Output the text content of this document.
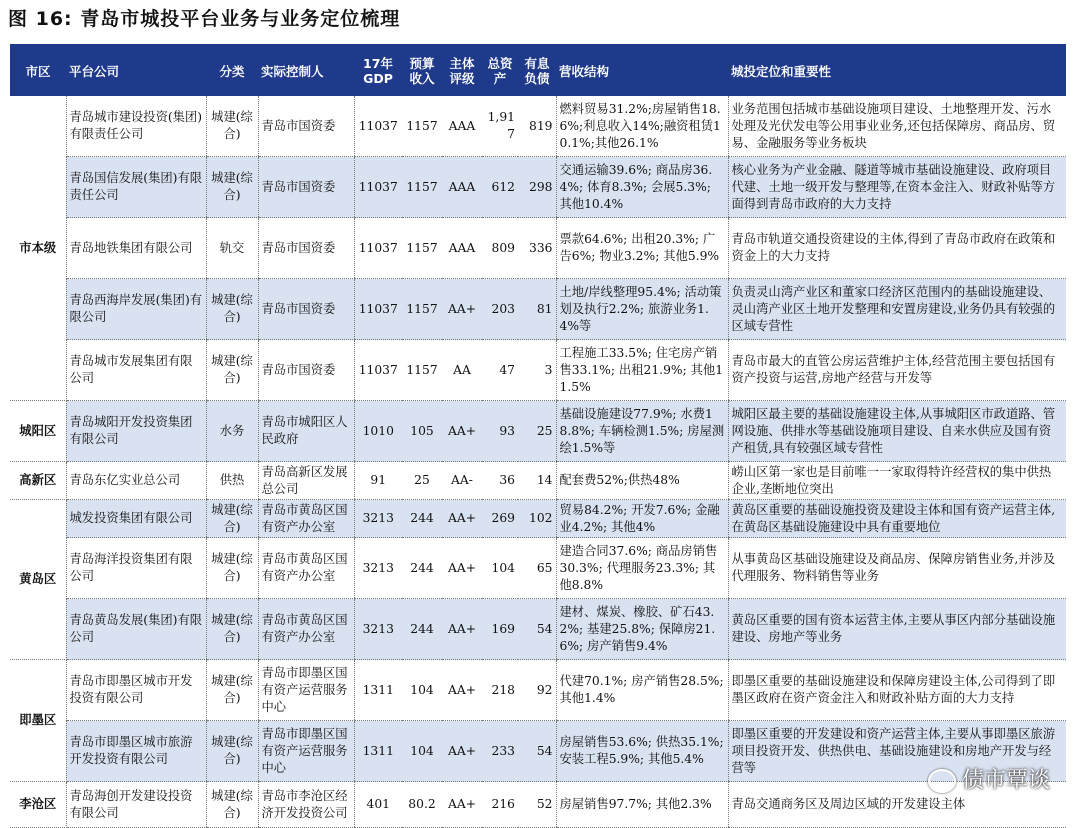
图 16: 青岛市城投平台业务与业务定位梳理
市区	平台公司	分类	实际控制人	17年GDP	预算收入	主体评级	总资产	有息负债	营收结构	城投定位和重要性
市本级	青岛城市建设投资(集团)有限责任公司	城建(综合)	青岛市国资委	11037	1157	AAA	1,917	819	燃料贸易31.2%;房屋销售18.6%;利息收入14%;融资租赁10.1%;其他26.1%	业务范围包括城市基础设施项目建设、土地整理开发、污水处理及光伏发电等公用事业业务,还包括保障房、商品房、贸易、金融服务等业务板块
	青岛国信发展(集团)有限责任公司	城建(综合)	青岛市国资委	11037	1157	AAA	612	298	交通运输39.6%; 商品房36.4%; 体育8.3%; 会展5.3%; 其他10.4%	核心业务为产业金融、隧道等城市基础设施建设、政府项目代建、土地一级开发与整理等,在资本金注入、财政补贴等方面得到青岛市政府的大力支持
	青岛地铁集团有限公司	轨交	青岛市国资委	11037	1157	AAA	809	336	票款64.6%; 出租20.3%; 广告6%; 物业3.2%; 其他5.9%	青岛市轨道交通投资建设的主体,得到了青岛市政府在政策和资金上的大力支持
	青岛西海岸发展(集团)有限公司	城建(综合)	青岛市国资委	11037	1157	AA+	203	81	土地/岸线整理95.4%; 活动策划及执行2.2%; 旅游业务1.4%等	负责灵山湾产业区和董家口经济区范围内的基础设施建设、灵山湾产业区土地开发整理和安置房建设,业务仍具有较强的区域专营性
	青岛城市发展集团有限公司	城建(综合)	青岛市国资委	11037	1157	AA	47	3	工程施工33.5%; 住宅房产销售33.1%; 出租21.9%; 其他11.5%	青岛市最大的直管公房运营维护主体,经营范围主要包括国有资产投资与运营,房地产经营与开发等
城阳区	青岛城阳开发投资集团有限公司	水务	青岛市城阳区人民政府	1010	105	AA+	93	25	基础设施建设77.9%; 水费18.8%; 车辆检测1.5%; 房屋测绘1.5%等	城阳区最主要的基础设施建设主体,从事城阳区市政道路、管网设施、供排水等基础设施项目建设、自来水供应及国有资产租赁,具有较强区域专营性
高新区	青岛东亿实业总公司	供热	青岛高新区发展总公司	91	25	AA-	36	14	配套费52%;供热48%	崂山区第一家也是目前唯一一家取得特许经营权的集中供热企业,垄断地位突出
黄岛区	城发投资集团有限公司	城建(综合)	青岛市黄岛区国有资产办公室	3213	244	AA+	269	102	贸易84.2%; 开发7.6%; 金融业4.2%; 其他4%	黄岛区重要的基础设施投资及建设主体和国有资产运营主体,在黄岛区基础设施建设中具有重要地位
	青岛海洋投资集团有限公司	城建(综合)	青岛市黄岛区国有资产办公室	3213	244	AA+	104	65	建造合同37.6%; 商品房销售30.3%; 代理服务23.3%; 其他8.8%	从事黄岛区基础设施建设及商品房、保障房销售业务,并涉及代理服务、物料销售等业务
	青岛黄岛发展(集团)有限公司	城建(综合)	青岛市黄岛区国有资产办公室	3213	244	AA+	169	54	建材、煤炭、橡胶、矿石43.2%; 基建25.8%; 保障房21.6%; 房产销售9.4%	黄岛区重要的国有资本运营主体,主要从事区内部分基础设施建设、房地产等业务
即墨区	青岛市即墨区城市开发投资有限公司	城建(综合)	青岛市即墨区国有资产运营服务中心	1311	104	AA+	218	92	代建70.1%; 房产销售28.5%; 其他1.4%	即墨区重要的基础设施建设和保障房建设主体,公司得到了即墨区政府在资产资金注入和财政补贴方面的大力支持
	青岛市即墨区城市旅游开发投资有限公司	城建(综合)	青岛市即墨区国有资产运营服务中心	1311	104	AA+	233	54	房屋销售53.6%; 供热35.1%; 安装工程5.9%; 其他5.4%	即墨区重要的开发建设和资产运营主体,主要从事即墨区旅游项目投资开发、供热供电、基础设施建设和房地产开发与经营等
李沧区	青岛海创开发建设投资有限公司	城建(综合)	青岛市李沧区经济开发投资公司	401	80.2	AA+	216	52	房屋销售97.7%; 其他2.3%	青岛交通商务区及周边区域的开发建设主体
债市覃谈
